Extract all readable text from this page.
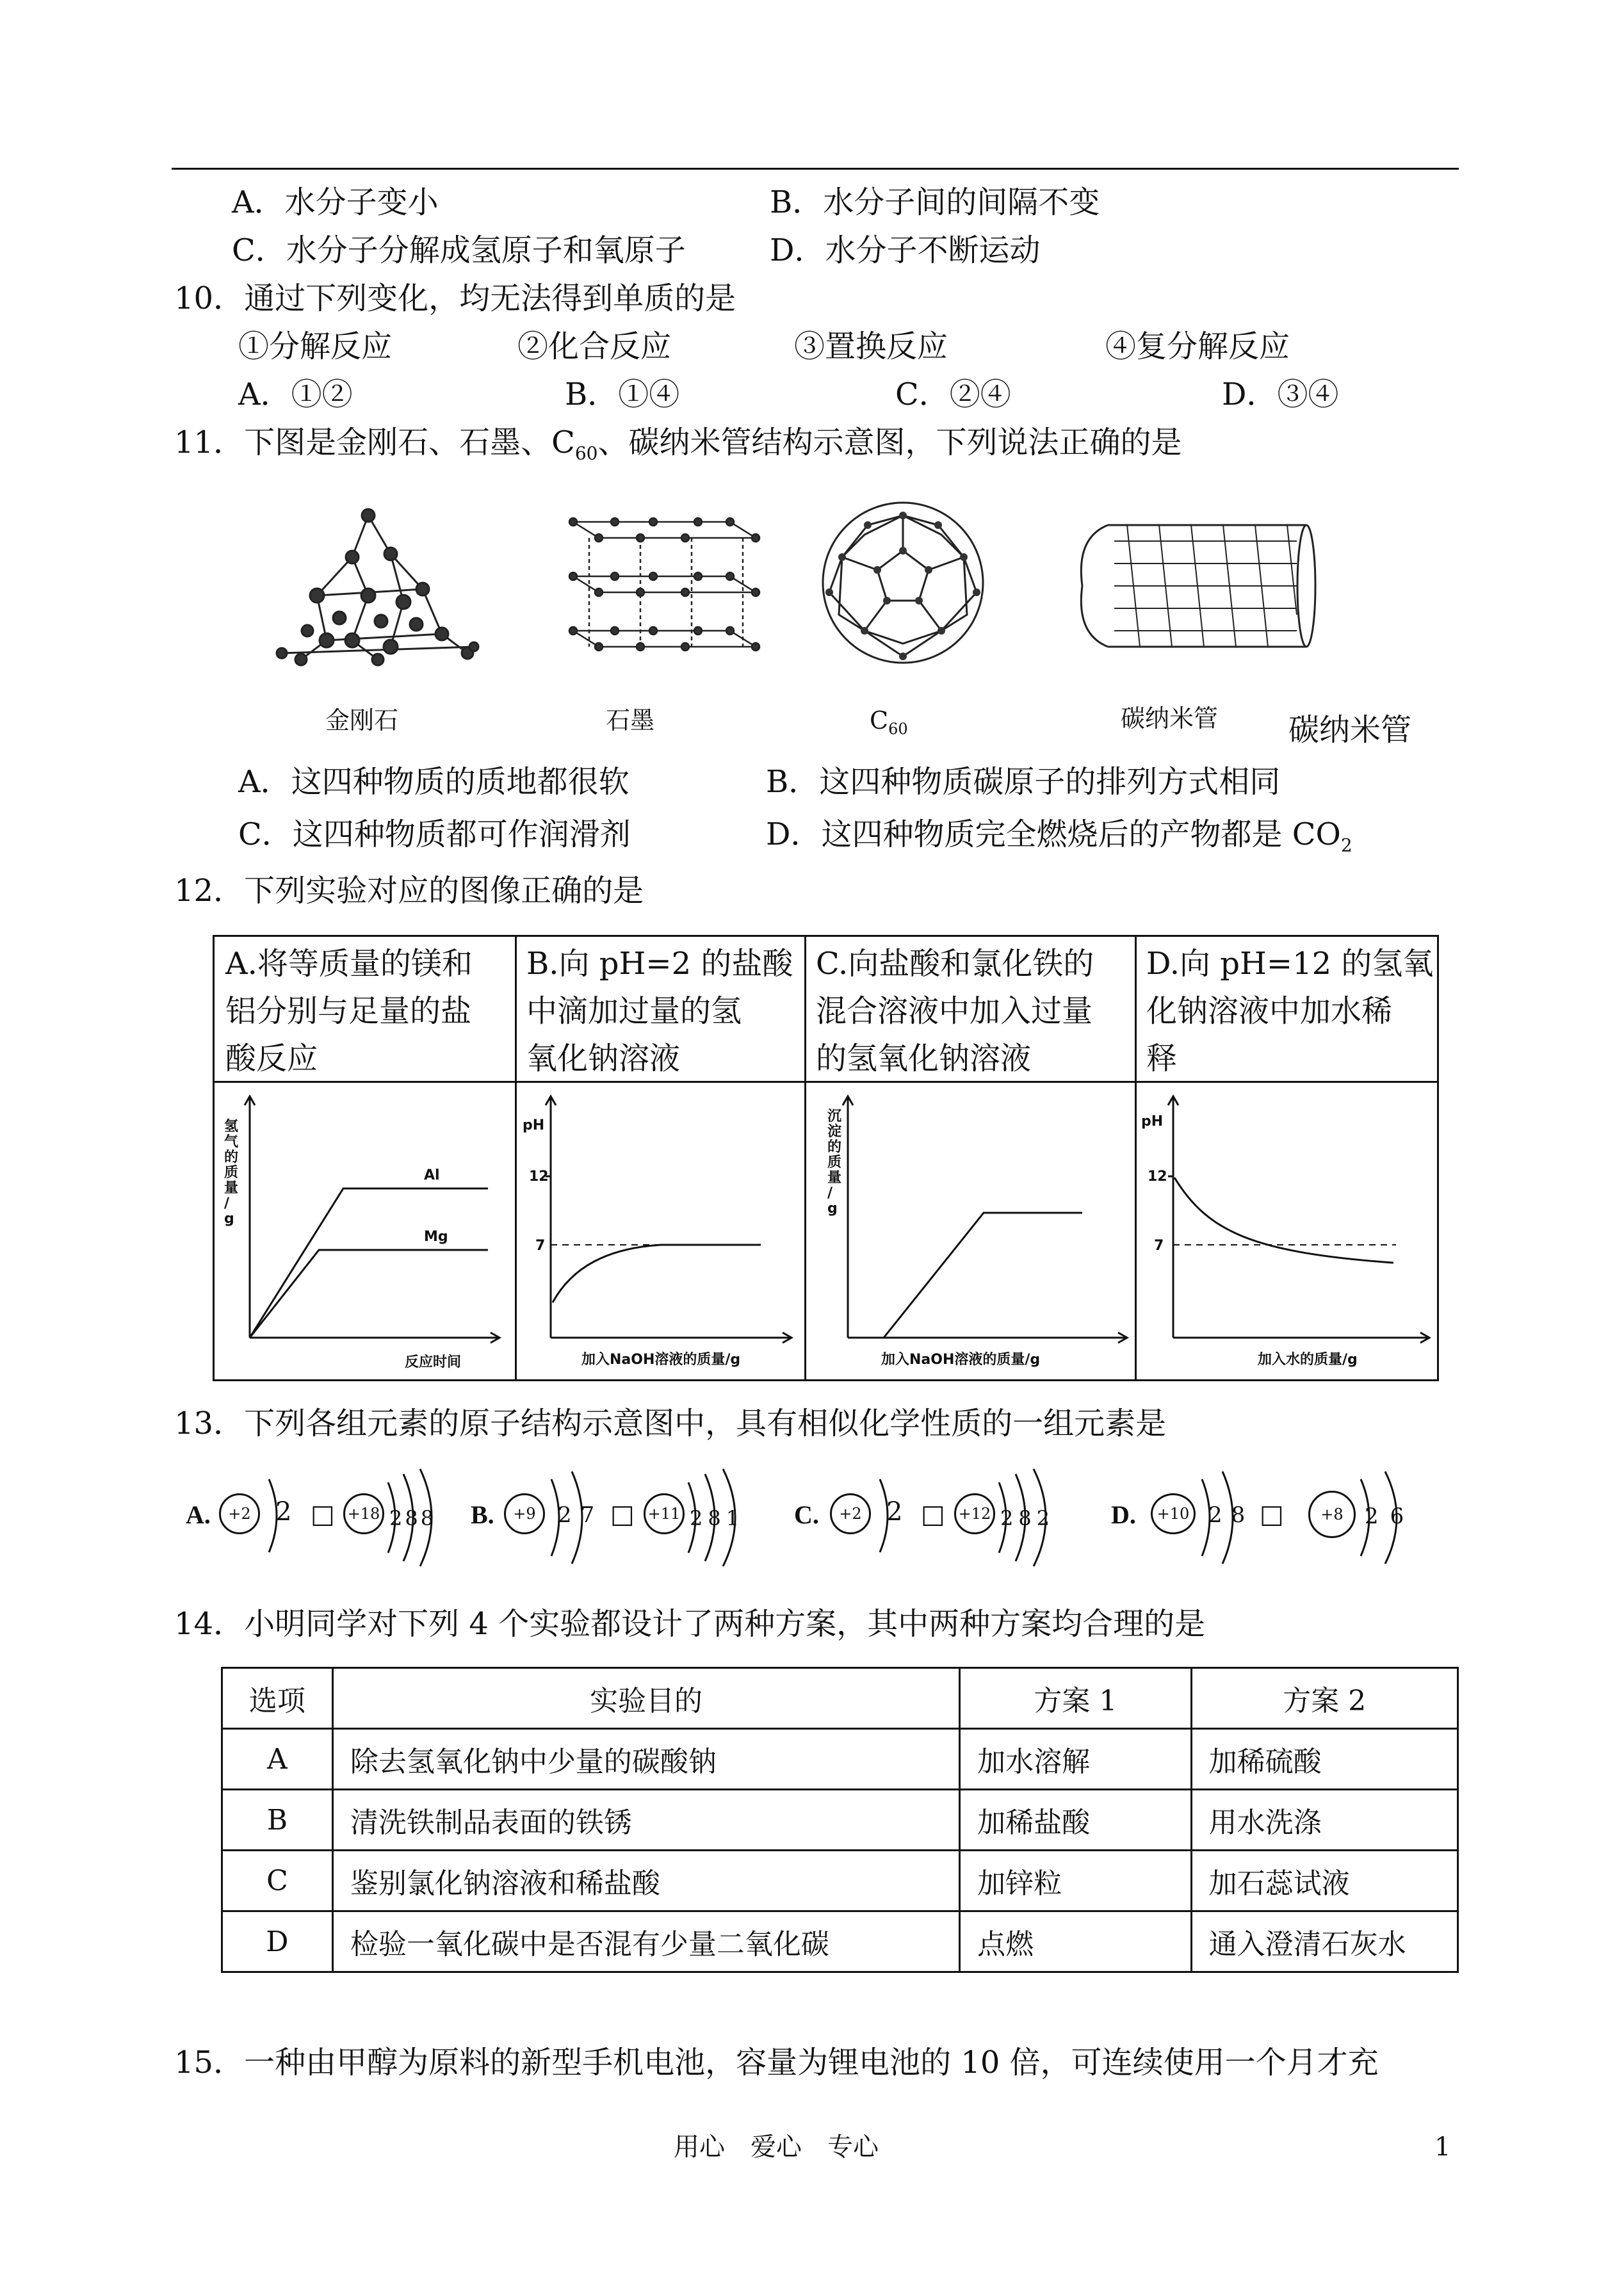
A．水分子变小	B．水分子间的间隔不变
C．水分子分解成氢原子和氧原子	D．水分子不断运动
10．通过下列变化，均无法得到单质的是
①分解反应	②化合反应	③置换反应	④复分解反应
A．①②	B．①④	C．②④	D．③④
11．下图是金刚石、石墨、$C_{60}$、碳纳米管结构示意图，下列说法正确的是
金刚石	石墨	$C_{60}$	碳纳米管 碳纳米管
A．这四种物质的质地都很软	B．这四种物质碳原子的排列方式相同
C．这四种物质都可作润滑剂	D．这四种物质完全燃烧后的产物都是 $CO_2$
12．下列实验对应的图像正确的是
A.将等质量的镁和
铝分别与足量的盐
酸反应
B.向 pH=2 的盐酸
中滴加过量的氢
氧化钠溶液
C.向盐酸和氯化铁的
混合溶液中加入过量
的氢氧化钠溶液
D.向 pH=12 的氢氧
化钠溶液中加水稀
释
氢
气
的
质
量
/
g
反应时间
Al
Mg
pH
12
7
加入NaOH溶液的质量/g
沉
淀
的
质
量
/
g
加入NaOH溶液的质量/g
pH
12
7
加入水的质量/g
13．下列各组元素的原子结构示意图中，具有相似化学性质的一组元素是
A.	+2 2 □ +18 288 B.	+9	27 □ +11 281 C.	+2 2 □ +12 282 D.	+10 28 □	+8 26
14．小明同学对下列 4 个实验都设计了两种方案，其中两种方案均合理的是
选项	实验目的	方案 1	方案 2
A	除去氢氧化钠中少量的碳酸钠	加水溶解	加稀硫酸
B	清洗铁制品表面的铁锈	加稀盐酸	用水洗涤
C	鉴别氯化钠溶液和稀盐酸	加锌粒	加石蕊试液
D	检验一氧化碳中是否混有少量二氧化碳	点燃	通入澄清石灰水
15．一种由甲醇为原料的新型手机电池，容量为锂电池的 10 倍，可连续使用一个月才充
用心　爱心　专心	1
